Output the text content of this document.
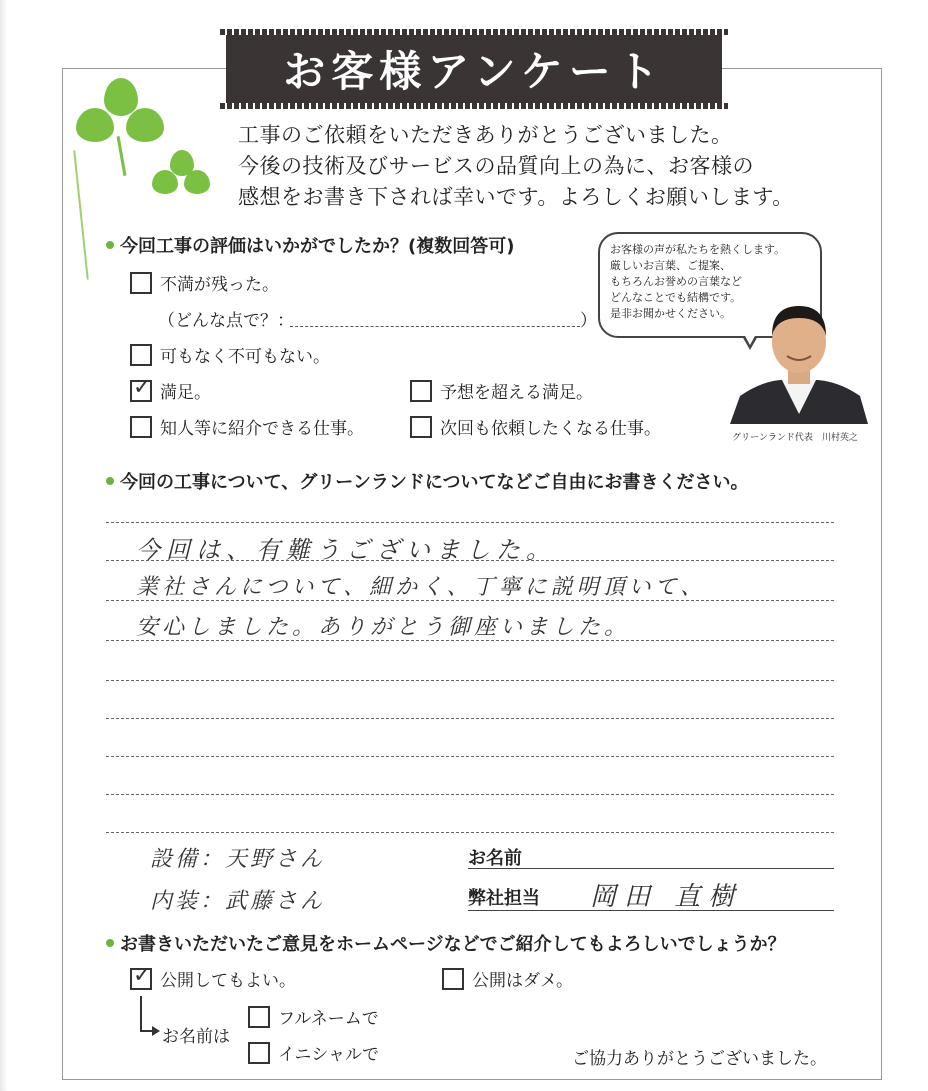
お客様アンケート
工事のご依頼をいただきありがとうございました。
今後の技術及びサービスの品質向上の為に、お客様の
感想をお書き下されば幸いです。よろしくお願いします。
今回工事の評価はいかがでしたか？(複数回答可)
不満が残った。
（どんな点で？：	）
可もなく不可もない。
✓ 満足。	予想を超える満足。
知人等に紹介できる仕事。	次回も依頼したくなる仕事。
お客様の声が私たちを熱くします。
厳しいお言葉、ご提案、
もちろんお誉めの言葉など
どんなことでも結構です。
是非お聞かせください。
グリーンランド代表　川村英之
今回の工事について、グリーンランドについてなどご自由にお書きください。
今回は、有難うございました。
業社さんについて、細かく、丁寧に説明頂いて、
安心しました。ありがとう御座いました。
設備：天野さん
内装：武藤さん
お名前
弊社担当 岡田 直樹
お書きいただいたご意見をホームページなどでご紹介してもよろしいでしょうか？
✓ 公開してもよい。	公開はダメ。
お名前は
フルネームで
イニシャルで	ご協力ありがとうございました。
